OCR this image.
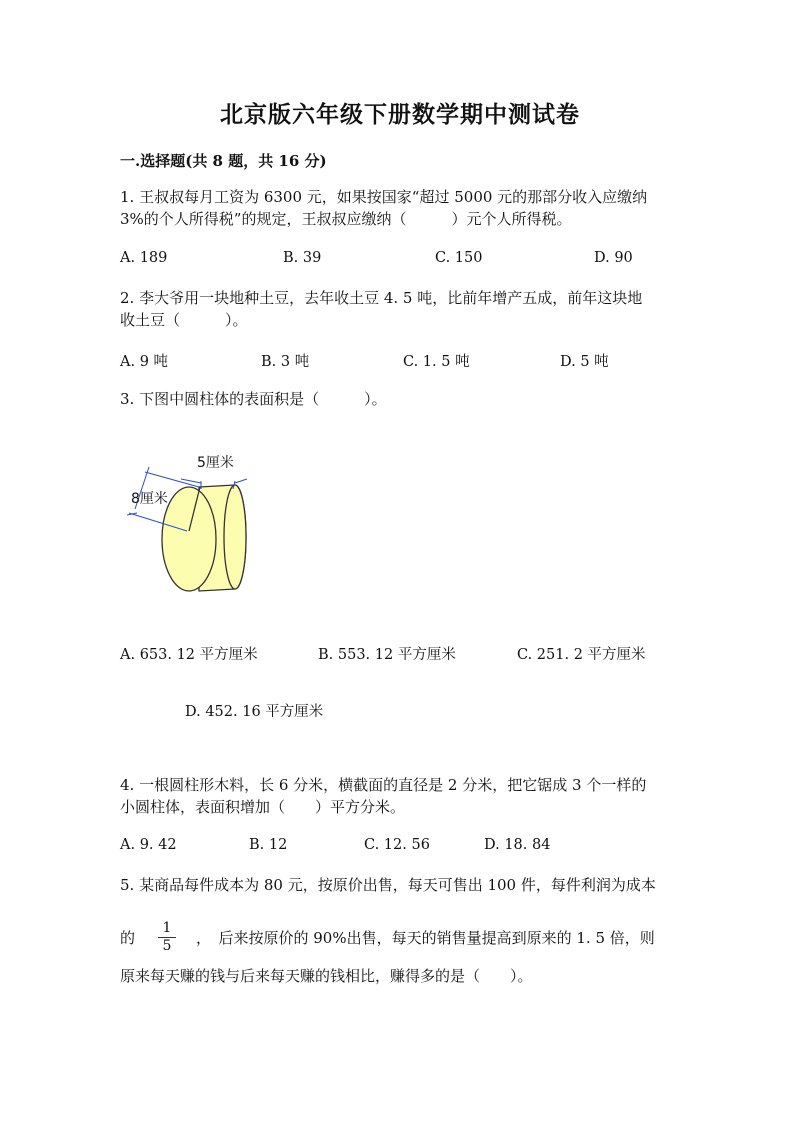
北京版六年级下册数学期中测试卷
一.选择题(共 8 题，共 16 分)
1. 王叔叔每月工资为 6300 元，如果按国家“超过 5000 元的那部分收入应缴纳
3%的个人所得税”的规定，王叔叔应缴纳（　　　）元个人所得税。
A. 189	B. 39	C. 150	D. 90
2. 李大爷用一块地种土豆，去年收土豆 4. 5 吨，比前年增产五成，前年这块地
收土豆（　　　）。
A. 9 吨	B. 3 吨	C. 1. 5 吨	D. 5 吨
3. 下图中圆柱体的表面积是（　　　）。
5厘米
8厘米
A. 653. 12 平方厘米	B. 553. 12 平方厘米	C. 251. 2 平方厘米
D. 452. 16 平方厘米
4. 一根圆柱形木料，长 6 分米，横截面的直径是 2 分米，把它锯成 3 个一样的
小圆柱体，表面积增加（　　）平方分米。
A. 9. 42	B. 12	C. 12. 56	D. 18. 84
5. 某商品每件成本为 80 元，按原价出售，每天可售出 100 件，每件利润为成本
的
1
5	，　后来按原价的 90%出售，每天的销售量提高到原来的 1. 5 倍，则
原来每天赚的钱与后来每天赚的钱相比，赚得多的是（　　）。
